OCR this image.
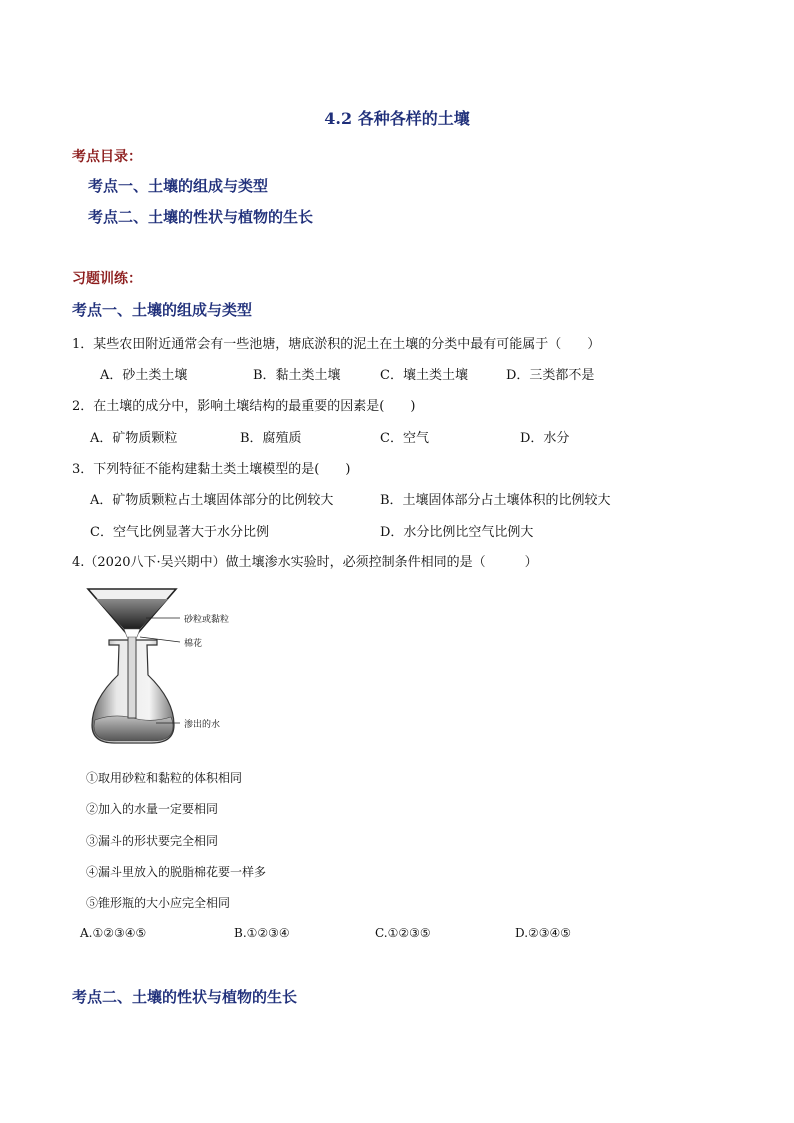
4.2 各种各样的土壤
考点目录：
考点一、土壤的组成与类型
考点二、土壤的性状与植物的生长
习题训练：
考点一、土壤的组成与类型
1．某些农田附近通常会有一些池塘，塘底淤积的泥土在土壤的分类中最有可能属于（　　）
A．砂土类土壤	B．黏土类土壤	C．壤土类土壤	D．三类都不是
2．在土壤的成分中，影响土壤结构的最重要的因素是(　　)
A．矿物质颗粒	B．腐殖质	C．空气	D．水分
3．下列特征不能构建黏土类土壤模型的是(　　)
A．矿物质颗粒占土壤固体部分的比例较大	B．土壤固体部分占土壤体积的比例较大
C．空气比例显著大于水分比例	D．水分比例比空气比例大
4.（2020八下·吴兴期中）做土壤渗水实验时，必须控制条件相同的是（　　　）
砂粒或黏粒
棉花
渗出的水
①取用砂粒和黏粒的体积相同
②加入的水量一定要相同
③漏斗的形状要完全相同
④漏斗里放入的脱脂棉花要一样多
⑤锥形瓶的大小应完全相同
A.①②③④⑤	B.①②③④	C.①②③⑤	D.②③④⑤
考点二、土壤的性状与植物的生长
